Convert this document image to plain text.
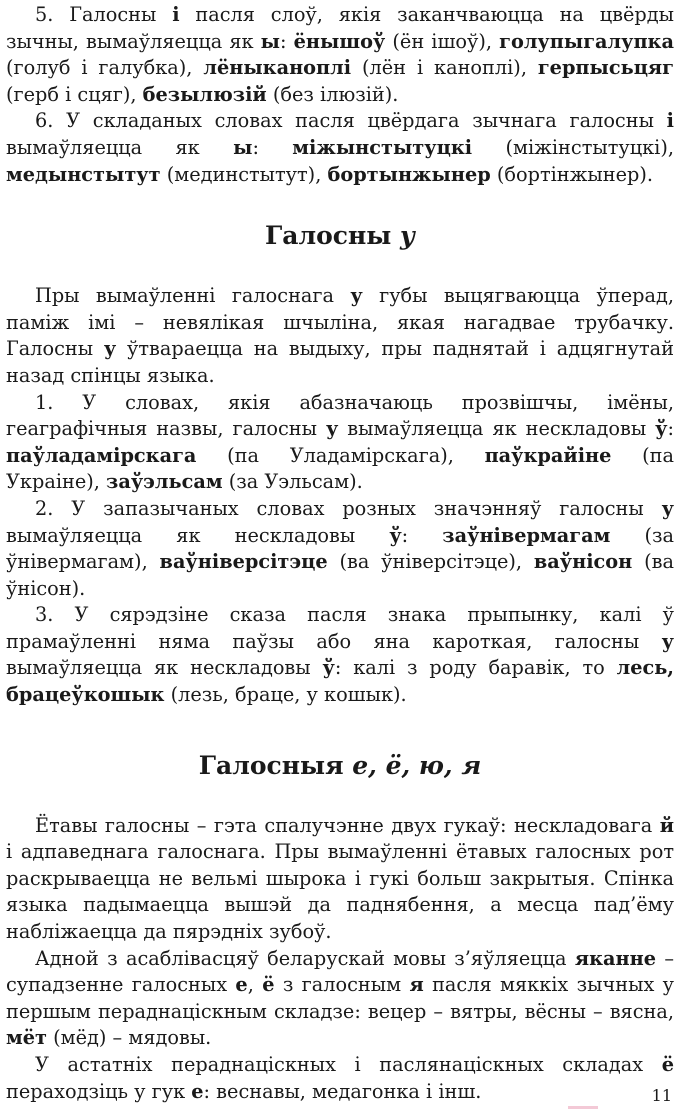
5. Галосны і пасля слоў, якія заканчваюцца на цвёрды зычны, вымаўляецца як ы: ёнышоў (ён ішоў), голупыгалупка (голуб і галубка), лёныканоплі (лён і каноплі), герпысьцяг (герб і сцяг), безылюзій (без ілюзій).

6. У складаных словах пасля цвёрдага зычнага галосны і вымаўляецца як ы: міжынстытуцкі (міжінстытуцкі), медынстытут (мединстытут), бортынжынер (бортінжынер).

Галосны у

Пры вымаўленні галоснага у губы выцягваюцца ўперад, паміж імі – невялікая шчыліна, якая нагадвае трубачку. Галосны у ўтвараецца на выдыху, пры паднятай і адцягнутай назад спінцы языка.

1. У словах, якія абазначаюць прозвішчы, імёны, геаграфічныя назвы, галосны у вымаўляецца як нескладовы ў: паўладамірскага (па Уладамірскага), паўкрайіне (па Украіне), заўэльсам (за Уэльсам).

2. У запазычаных словах розных значэнняў галосны у вымаўляецца як нескладовы ў: заўнівермагам (за ўнівермагам), ваўніверсітэце (ва ўніверсітэце), ваўнісон (ва ўнісон).

3. У сярэдзіне сказа пасля знака прыпынку, калі ў прамаўленні няма паўзы або яна кароткая, галосны у вымаўляецца як нескладовы ў: калі з роду баравік, то лесь, брацеўкошык (лезь, браце, у кошык).

Галосныя е, ё, ю, я

Ётавы галосны – гэта спалучэнне двух гукаў: нескладовага й і адпаведнага галоснага. Пры вымаўленні ётавых галосных рот раскрываецца не вельмі шырока і гукі больш закрытыя. Спінка языка падымаецца вышэй да паднябення, а месца пад’ёму набліжаецца да пярэдніх зубоў.

Адной з асаблівасцяў беларускай мовы з’яўляецца яканне – супадзенне галосных е, ё з галосным я пасля мяккіх зычных у першым пераднаціскным складзе: вецер – вятры, вёсны – вясна, мёт (мёд) – мядовы.

У астатніх пераднаціскных і паслянаціскных складах ё пераходзіць у гук е: веснавы, медагонка і інш.	11
